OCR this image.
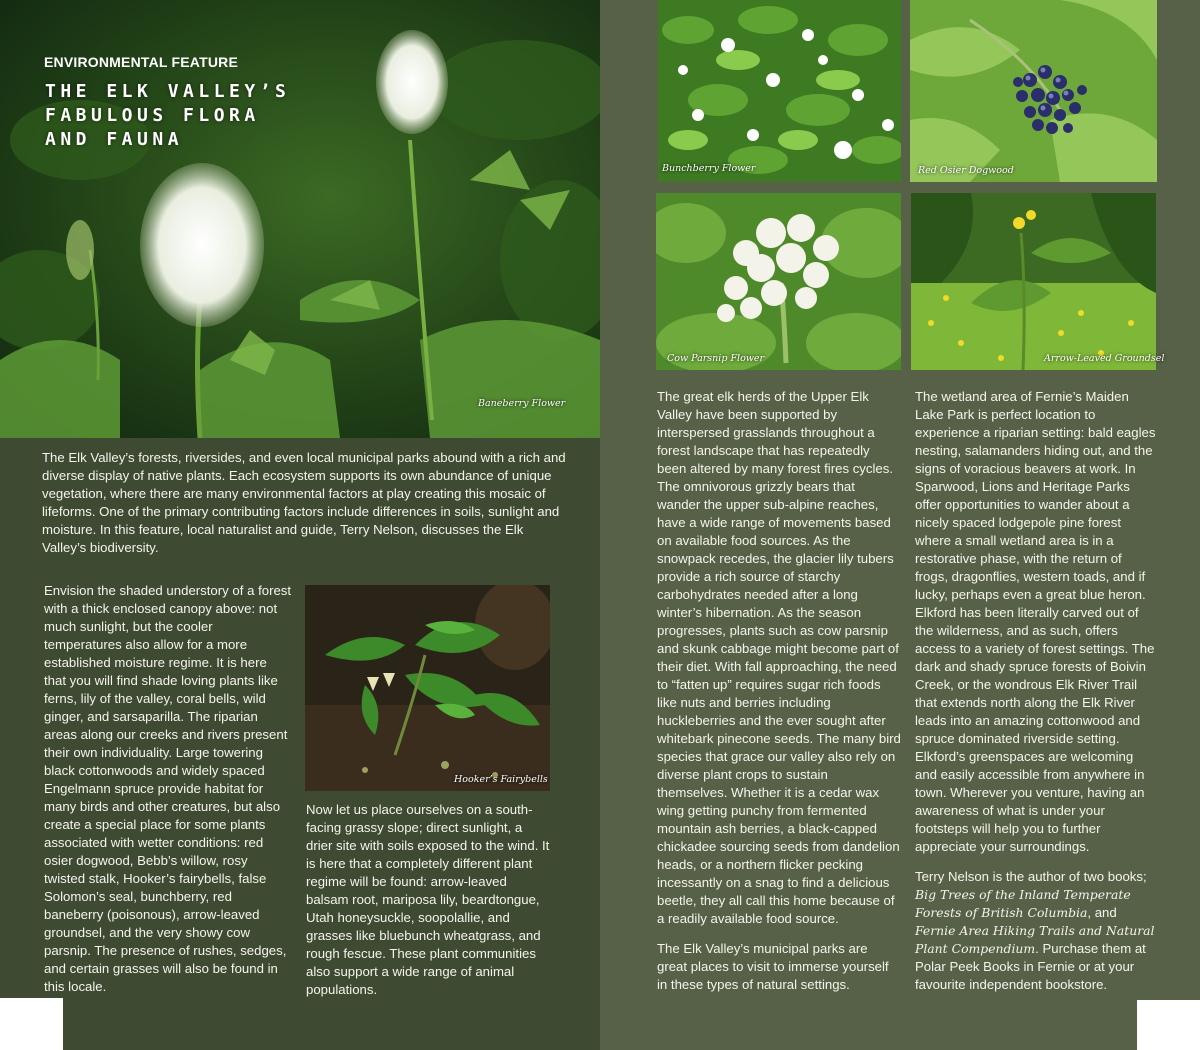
ENVIRONMENTAL FEATURE
THE ELK VALLEY’S
FABULOUS FLORA
AND FAUNA
Baneberry Flower
The Elk Valley’s forests, riversides, and even local municipal parks abound with a rich and diverse display of native plants. Each ecosystem supports its own abundance of unique vegetation, where there are many environmental factors at play creating this mosaic of lifeforms. One of the primary contributing factors include differences in soils, sunlight and moisture. In this feature, local naturalist and guide, Terry Nelson, discusses the Elk Valley’s biodiversity.
Envision the shaded understory of a forest with a thick enclosed canopy above: not much sunlight, but the cooler temperatures also allow for a more established moisture regime. It is here that you will find shade loving plants like ferns, lily of the valley, coral bells, wild ginger, and sarsaparilla. The riparian areas along our creeks and rivers present their own individuality. Large towering black cottonwoods and widely spaced Engelmann spruce provide habitat for many birds and other creatures, but also create a special place for some plants associated with wetter conditions: red osier dogwood, Bebb’s willow, rosy twisted stalk, Hooker’s fairybells, false Solomon’s seal, bunchberry, red baneberry (poisonous), arrow-leaved groundsel, and the very showy cow parsnip. The presence of rushes, sedges, and certain grasses will also be found in this locale.
Hooker’s Fairybells
Now let us place ourselves on a south-facing grassy slope; direct sunlight, a drier site with soils exposed to the wind. It is here that a completely different plant regime will be found: arrow-leaved balsam root, mariposa lily, beardtongue, Utah honeysuckle, soopolallie, and grasses like bluebunch wheatgrass, and rough fescue. These plant communities also support a wide range of animal populations.
Bunchberry Flower	Red Osier Dogwood
Cow Parsnip Flower	Arrow-Leaved Groundsel

The great elk herds of the Upper Elk Valley have been supported by interspersed grasslands throughout a forest landscape that has repeatedly been altered by many forest fires cycles. The omnivorous grizzly bears that wander the upper sub-alpine reaches, have a wide range of movements based on available food sources. As the snowpack recedes, the glacier lily tubers provide a rich source of starchy carbohydrates needed after a long winter’s hibernation. As the season progresses, plants such as cow parsnip and skunk cabbage might become part of their diet. With fall approaching, the need to “fatten up” requires sugar rich foods like nuts and berries including huckleberries and the ever sought after whitebark pinecone seeds. The many bird species that grace our valley also rely on diverse plant crops to sustain themselves. Whether it is a cedar wax wing getting punchy from fermented mountain ash berries, a black-capped chickadee sourcing seeds from dandelion heads, or a northern flicker pecking incessantly on a snag to find a delicious beetle, they all call this home because of a readily available food source.

The Elk Valley’s municipal parks are great places to visit to immerse yourself in these types of natural settings.

The wetland area of Fernie’s Maiden Lake Park is perfect location to experience a riparian setting: bald eagles nesting, salamanders hiding out, and the signs of voracious beavers at work. In Sparwood, Lions and Heritage Parks offer opportunities to wander about a nicely spaced lodgepole pine forest where a small wetland area is in a restorative phase, with the return of frogs, dragonflies, western toads, and if lucky, perhaps even a great blue heron. Elkford has been literally carved out of the wilderness, and as such, offers access to a variety of forest settings. The dark and shady spruce forests of Boivin Creek, or the wondrous Elk River Trail that extends north along the Elk River leads into an amazing cottonwood and spruce dominated riverside setting. Elkford’s greenspaces are welcoming and easily accessible from anywhere in town. Wherever you venture, having an awareness of what is under your footsteps will help you to further appreciate your surroundings.

Terry Nelson is the author of two books; Big Trees of the Inland Temperate Forests of British Columbia, and Fernie Area Hiking Trails and Natural Plant Compendium. Purchase them at Polar Peek Books in Fernie or at your favourite independent bookstore.
